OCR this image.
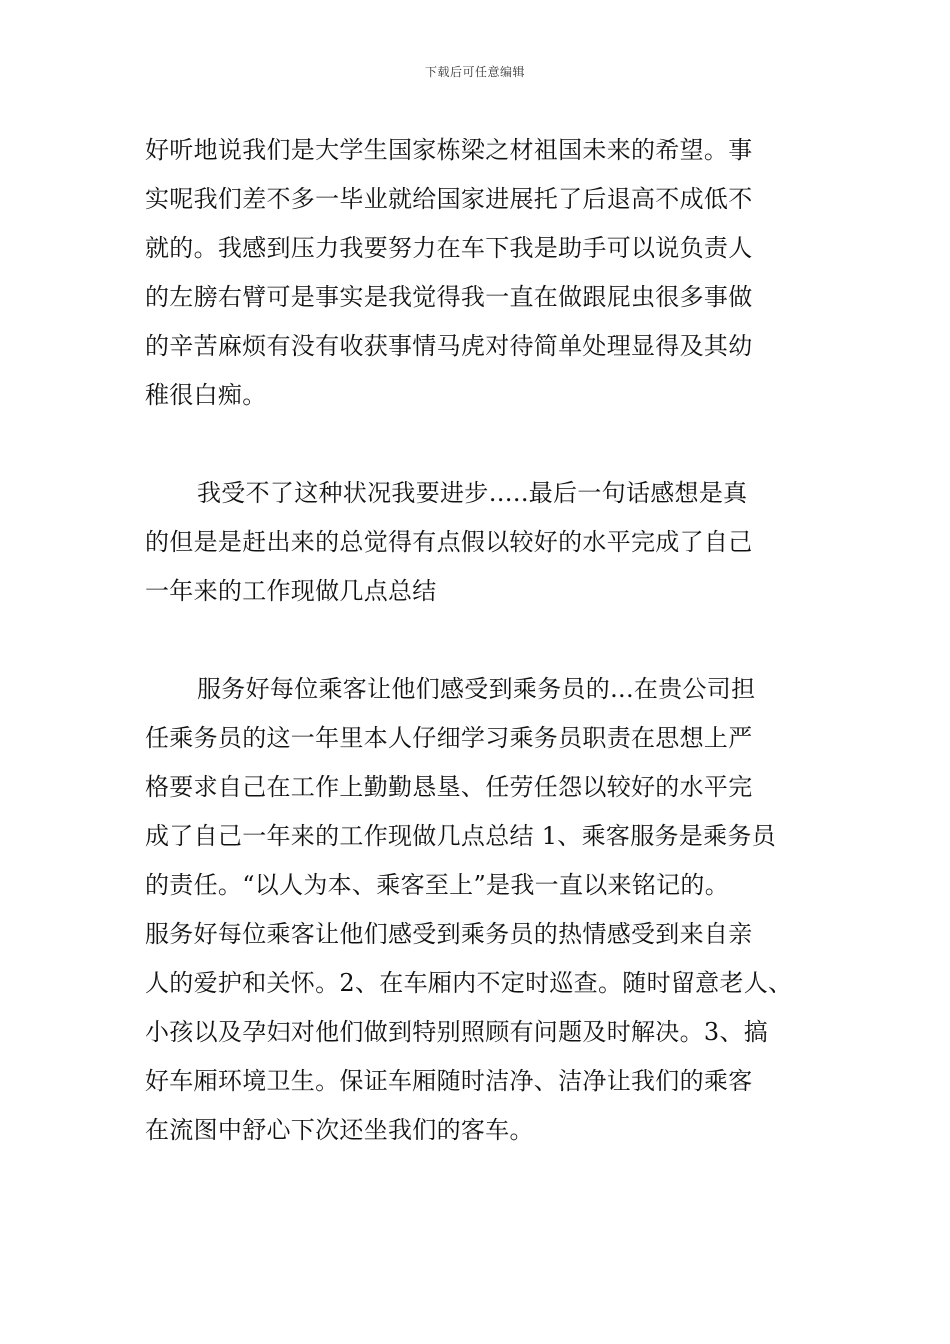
下载后可任意编辑
好听地说我们是大学生国家栋梁之材祖国未来的希望。事
实呢我们差不多一毕业就给国家进展托了后退高不成低不
就的。我感到压力我要努力在车下我是助手可以说负责人
的左膀右臂可是事实是我觉得我一直在做跟屁虫很多事做
的辛苦麻烦有没有收获事情马虎对待简单处理显得及其幼
稚很白痴。
我受不了这种状况我要进步…..最后一句话感想是真
的但是是赶出来的总觉得有点假以较好的水平完成了自己
一年来的工作现做几点总结
服务好每位乘客让他们感受到乘务员的...在贵公司担
任乘务员的这一年里本人仔细学习乘务员职责在思想上严
格要求自己在工作上勤勤恳垦、任劳任怨以较好的水平完
成了自己一年来的工作现做几点总结 1、乘客服务是乘务员
的责任。“以人为本、乘客至上”是我一直以来铭记的。
服务好每位乘客让他们感受到乘务员的热情感受到来自亲
人的爱护和关怀。2、在车厢内不定时巡查。随时留意老人、
小孩以及孕妇对他们做到特别照顾有问题及时解决。3、搞
好车厢环境卫生。保证车厢随时洁净、洁净让我们的乘客
在流图中舒心下次还坐我们的客车。
